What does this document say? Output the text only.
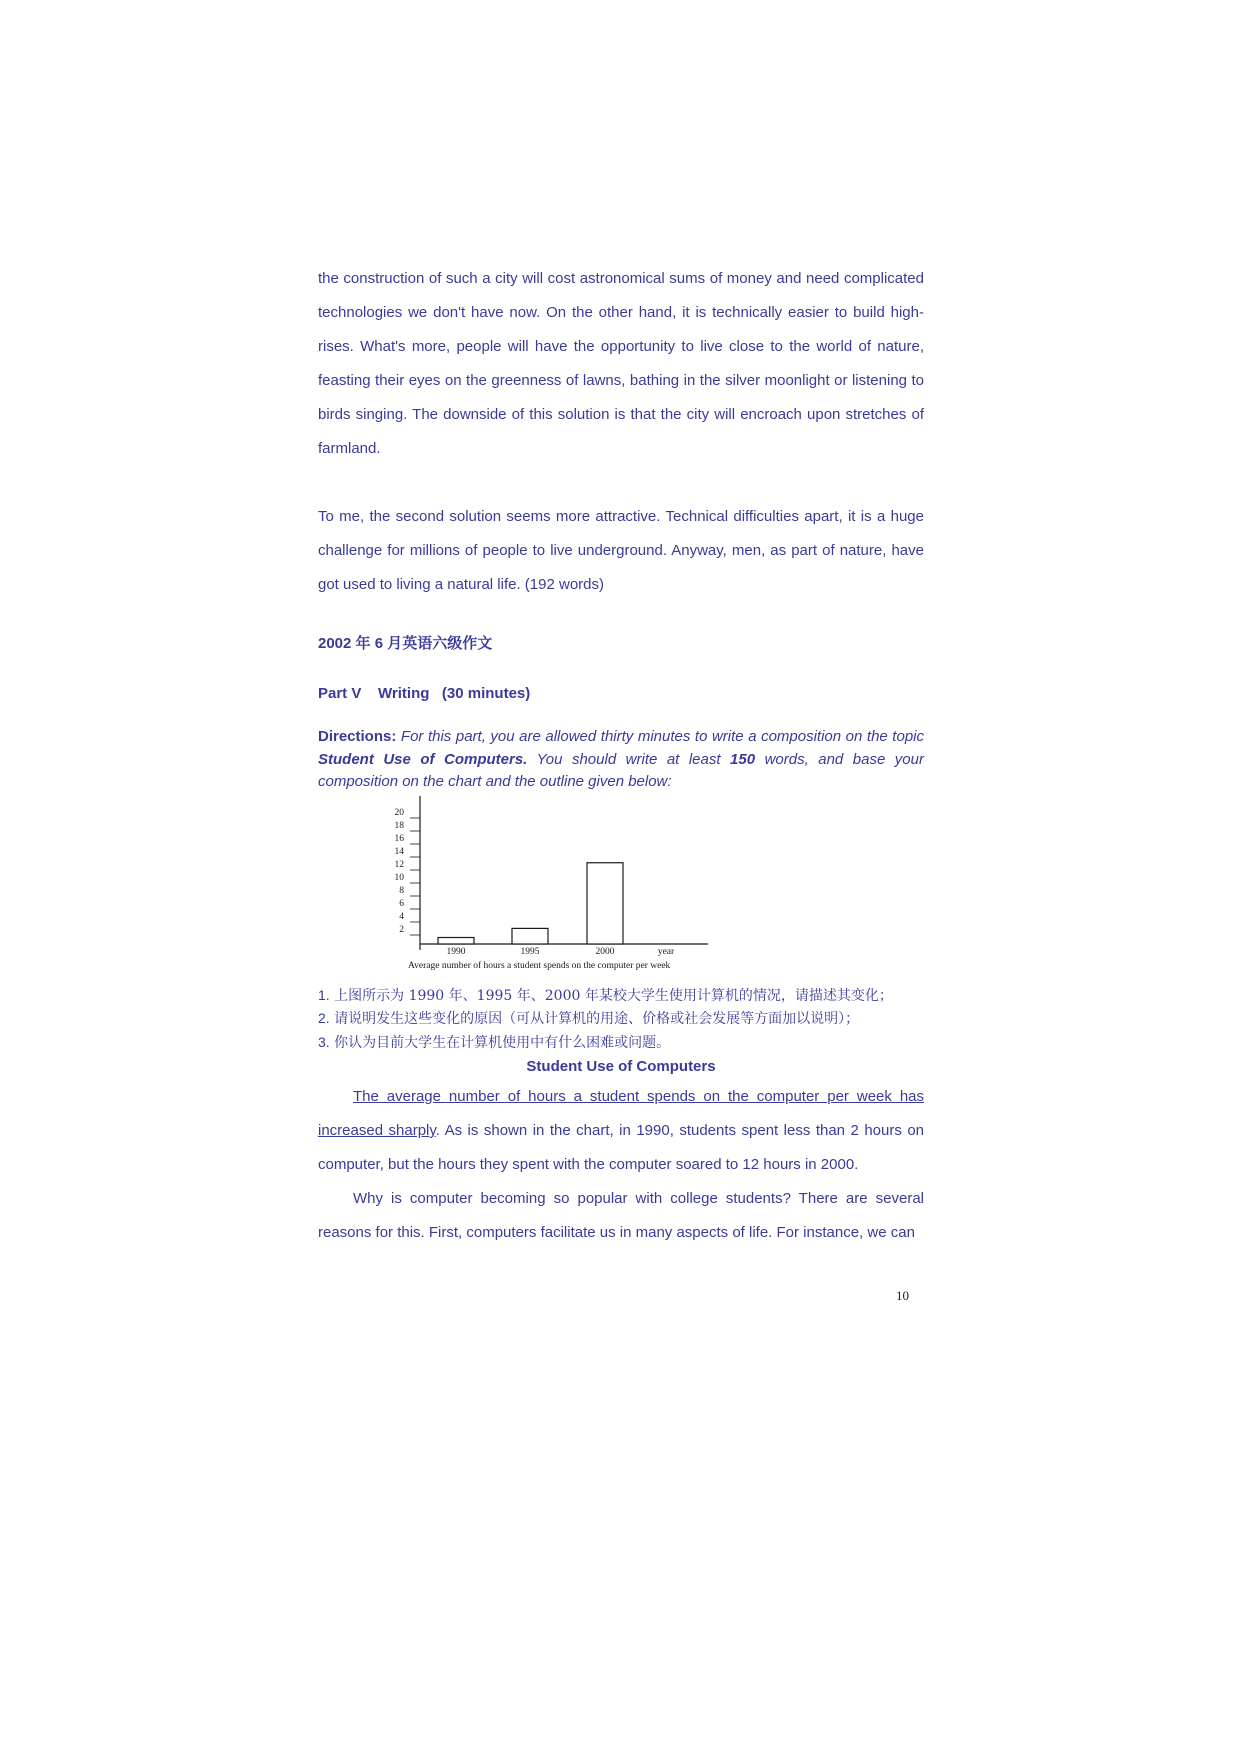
the construction of such a city will cost astronomical sums of money and need complicated technologies we don't have now. On the other hand, it is technically easier to build high-rises. What's more, people will have the opportunity to live close to the world of nature, feasting their eyes on the greenness of lawns, bathing in the silver moonlight or listening to birds singing. The downside of this solution is that the city will encroach upon stretches of farmland.

To me, the second solution seems more attractive. Technical difficulties apart, it is a huge challenge for millions of people to live underground. Anyway, men, as part of nature, have got used to living a natural life. (192 words)

2002 年 6 月英语六级作文

Part V    Writing   (30 minutes)

Directions: For this part, you are allowed thirty minutes to write a composition on the topic Student Use of Computers. You should write at least 150 words, and base your composition on the chart and the outline given below:

2
4
6
8
10
12
14
16
18
20
1990	1995	2000	year
Average number of hours a student spends on the computer per week
1. 上图所示为 1990 年、1995 年、2000 年某校大学生使用计算机的情况，请描述其变化；
2. 请说明发生这些变化的原因（可从计算机的用途、价格或社会发展等方面加以说明）；
3. 你认为目前大学生在计算机使用中有什么困难或问题。

Student Use of Computers

The average number of hours a student spends on the computer per week has increased sharply. As is shown in the chart, in 1990, students spent less than 2 hours on computer, but the hours they spent with the computer soared to 12 hours in 2000.

Why is computer becoming so popular with college students? There are several reasons for this. First, computers facilitate us in many aspects of life. For instance, we can

10
